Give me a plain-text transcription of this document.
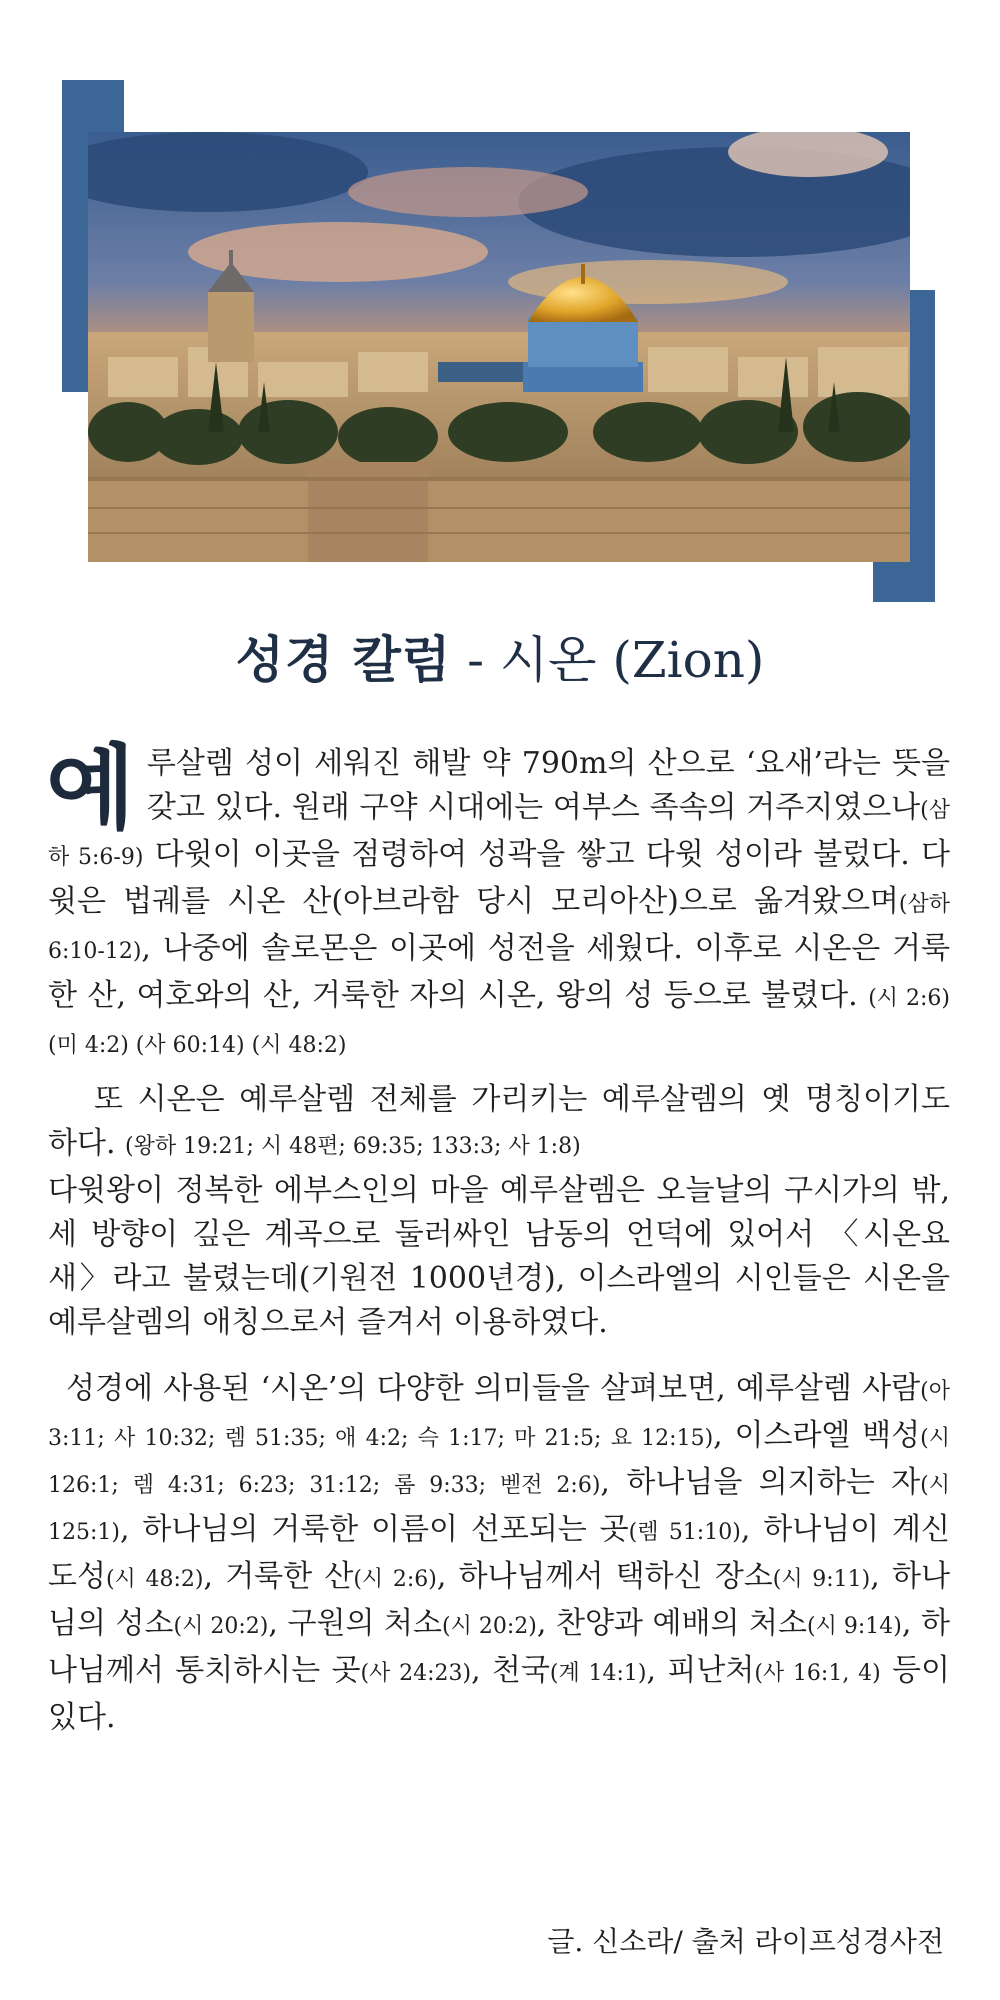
성경 칼럼 - 시온 (Zion)

예루살렘 성이 세워진 해발 약 790m의 산으로 ‘요새’라는 뜻을 갖고 있다. 원래 구약 시대에는 여부스 족속의 거주지였으나(삼하 5:6-9) 다윗이 이곳을 점령하여 성곽을 쌓고 다윗 성이라 불렀다. 다윗은 법궤를 시온 산(아브라함 당시 모리아산)으로 옮겨왔으며(삼하 6:10-12), 나중에 솔로몬은 이곳에 성전을 세웠다. 이후로 시온은 거룩한 산, 여호와의 산, 거룩한 자의 시온, 왕의 성 등으로 불렸다. (시 2:6) (미 4:2) (사 60:14) (시 48:2)

또 시온은 예루살렘 전체를 가리키는 예루살렘의 옛 명칭이기도 하다. (왕하 19:21; 시 48편; 69:35; 133:3; 사 1:8)

다윗왕이 정복한 에부스인의 마을 예루살렘은 오늘날의 구시가의 밖, 세 방향이 깊은 계곡으로 둘러싸인 남동의 언덕에 있어서 〈시온요새〉라고 불렸는데(기원전 1000년경), 이스라엘의 시인들은 시온을 예루살렘의 애칭으로서 즐겨서 이용하였다.

성경에 사용된 ‘시온’의 다양한 의미들을 살펴보면, 예루살렘 사람(아 3:11; 사 10:32; 렘 51:35; 애 4:2; 슥 1:17; 마 21:5; 요 12:15), 이스라엘 백성(시 126:1; 렘 4:31; 6:23; 31:12; 롬 9:33; 벧전 2:6), 하나님을 의지하는 자(시 125:1), 하나님의 거룩한 이름이 선포되는 곳(렘 51:10), 하나님이 계신 도성(시 48:2), 거룩한 산(시 2:6), 하나님께서 택하신 장소(시 9:11), 하나님의 성소(시 20:2), 구원의 처소(시 20:2), 찬양과 예배의 처소(시 9:14), 하나님께서 통치하시는 곳(사 24:23), 천국(계 14:1), 피난처(사 16:1, 4) 등이 있다.

글. 신소라/ 출처 라이프성경사전
